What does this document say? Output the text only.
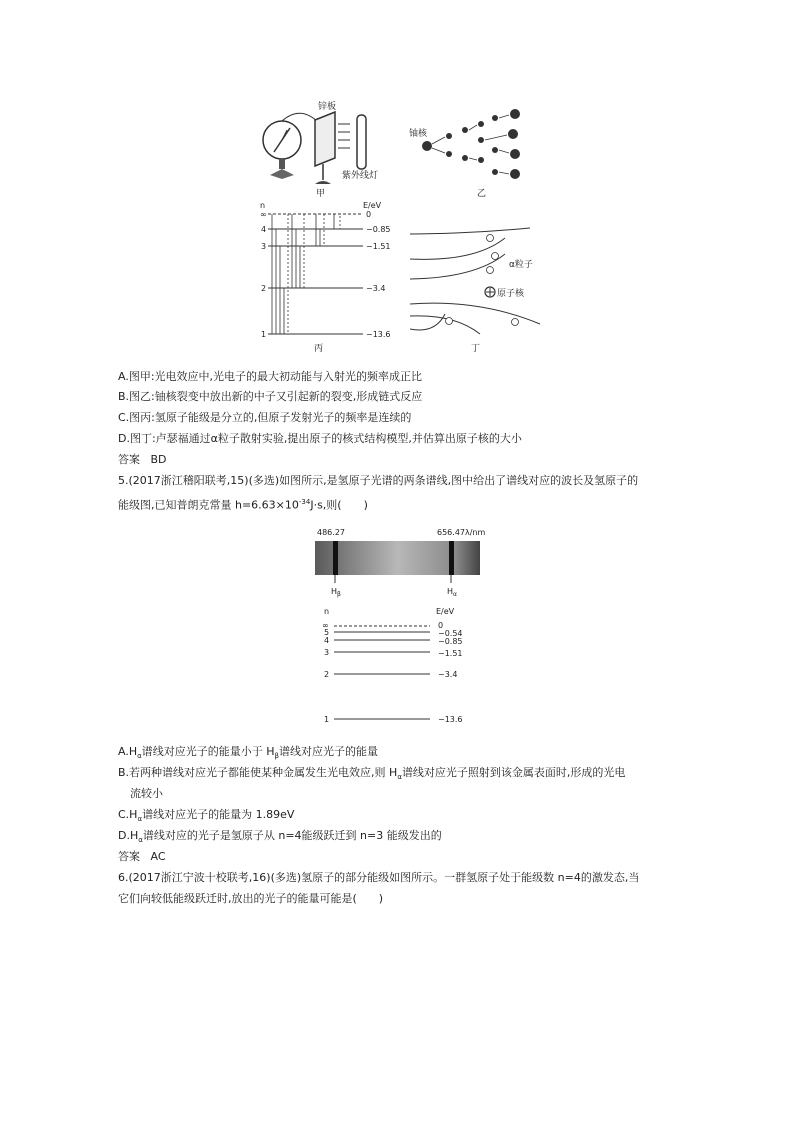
锌板
紫外线灯
甲
铀核
乙
n	E/eV
∞	0
4	−0.85
3	−1.51
2	−3.4
1	−13.6
丙
α粒子
原子核
丁
A.图甲:光电效应中,光电子的最大初动能与入射光的频率成正比
B.图乙:铀核裂变中放出新的中子又引起新的裂变,形成链式反应
C.图丙:氢原子能级是分立的,但原子发射光子的频率是连续的
D.图丁:卢瑟福通过α粒子散射实验,提出原子的核式结构模型,并估算出原子核的大小
答案 BD
5.(2017浙江稽阳联考,15)(多选)如图所示,是氢原子光谱的两条谱线,图中给出了谱线对应的波长及氢原子的
能级图,已知普朗克常量 $h=6.63\times 10^{-34}J\cdot s$,则(　　)
486.27	656.47 λ/nm
$H_\beta$	$H_\alpha$
n	E/eV
∞	0
5	−0.54
4	−0.85
3	−1.51
2	−3.4
1	−13.6
$A.H_\alpha$谱线对应光子的能量小于 $H_\beta$谱线对应光子的能量
B.若两种谱线对应光子都能使某种金属发生光电效应,则 $H_\alpha$谱线对应光子照射到该金属表面时,形成的光电
流较小
$C.H_\alpha$谱线对应光子的能量为 1.89eV
$D.H_\alpha$谱线对应的光子是氢原子从 n=4能级跃迁到 n=3 能级发出的
答案 AC
6.(2017浙江宁波十校联考,16)(多选)氢原子的部分能级如图所示。一群氢原子处于能级数 n=4的激发态,当
它们向较低能级跃迁时,放出的光子的能量可能是(　　)
